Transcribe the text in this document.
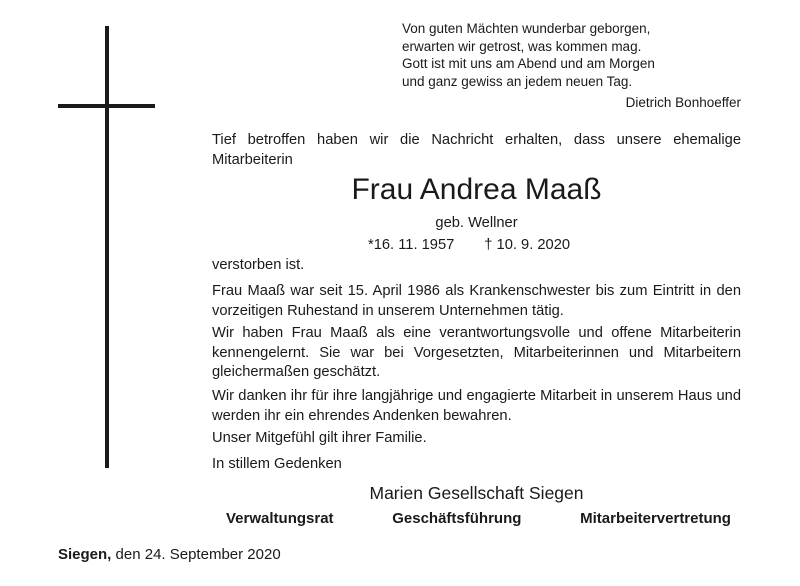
Von guten Mächten wunderbar geborgen,
erwarten wir getrost, was kommen mag.
Gott ist mit uns am Abend und am Morgen
und ganz gewiss an jedem neuen Tag.
Dietrich Bonhoeffer
Tief betroffen haben wir die Nachricht erhalten, dass unsere ehemalige Mitarbeiterin
Frau Andrea Maaß
geb. Wellner
*16. 11. 1957 † 10. 9. 2020
verstorben ist.
Frau Maaß war seit 15. April 1986 als Krankenschwester bis zum Eintritt in den vorzeitigen Ruhestand in unserem Unternehmen tätig.
Wir haben Frau Maaß als eine verantwortungsvolle und offene Mitarbeiterin kennengelernt. Sie war bei Vorgesetzten, Mitarbeiterinnen und Mitarbeitern gleichermaßen geschätzt.
Wir danken ihr für ihre langjährige und engagierte Mitarbeit in unserem Haus und werden ihr ein ehrendes Andenken bewahren.
Unser Mitgefühl gilt ihrer Familie.
In stillem Gedenken
Marien Gesellschaft Siegen
Verwaltungsrat	Geschäftsführung	Mitarbeitervertretung
Siegen, den 24. September 2020
